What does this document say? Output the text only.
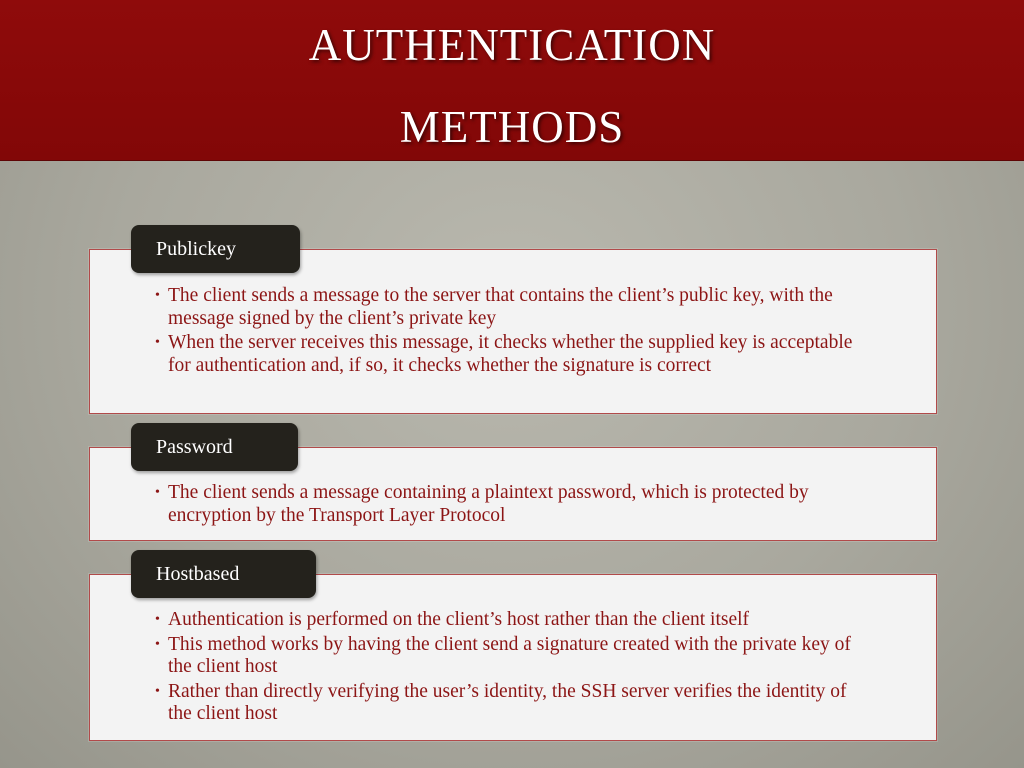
authentication
methods
Publickey
• The client sends a message to the server that contains the client’s public key, with the message signed by the client’s private key
• When the server receives this message, it checks whether the supplied key is acceptable for authentication and, if so, it checks whether the signature is correct
Password
• The client sends a message containing a plaintext password, which is protected by encryption by the Transport Layer Protocol
Hostbased
• Authentication is performed on the client’s host rather than the client itself
• This method works by having the client send a signature created with the private key of the client host
• Rather than directly verifying the user’s identity, the SSH server verifies the identity of the client host
